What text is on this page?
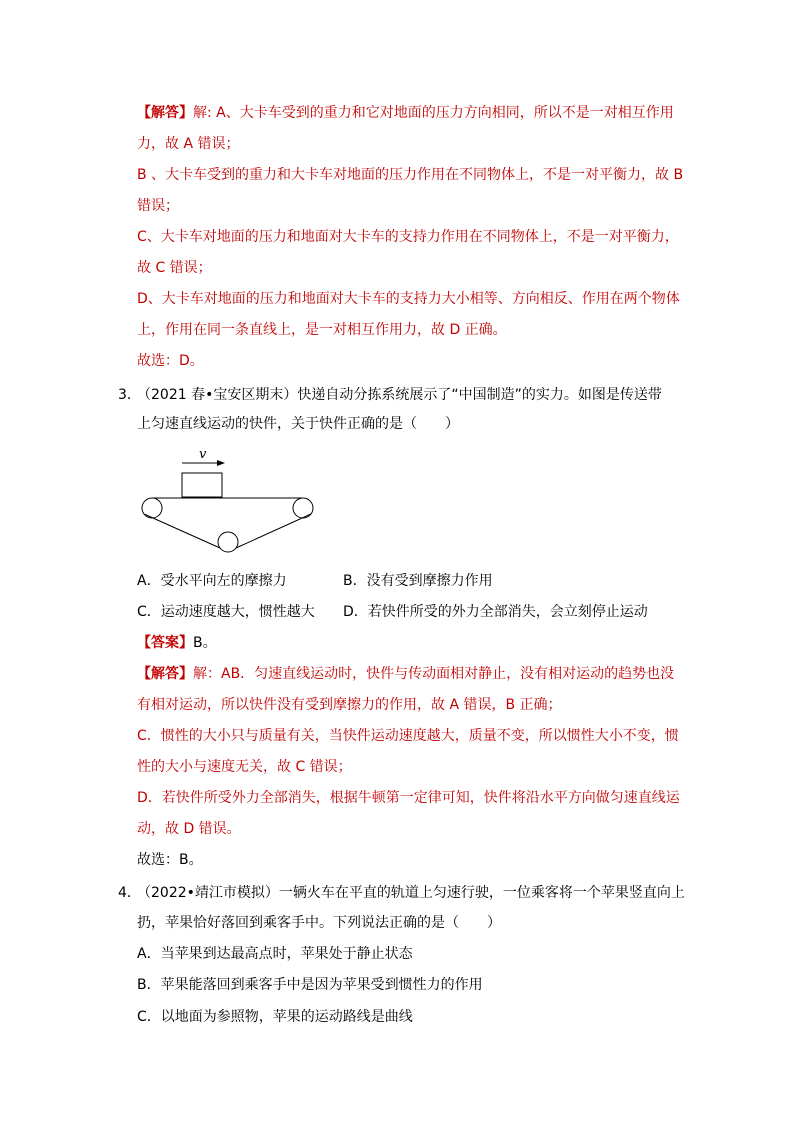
【解答】解: A、大卡车受到的重力和它对地面的压力方向相同，所以不是一对相互作用
力，故 A 错误；
B 、大卡车受到的重力和大卡车对地面的压力作用在不同物体上，不是一对平衡力，故 B
错误；
C、大卡车对地面的压力和地面对大卡车的支持力作用在不同物体上，不是一对平衡力，
故 C 错误；
D、大卡车对地面的压力和地面对大卡车的支持力大小相等、方向相反、作用在两个物体
上，作用在同一条直线上，是一对相互作用力，故 D 正确。
故选：D。
3．
（2021 春•宝安区期末）快递自动分拣系统展示了“中国制造”的实力。如图是传送带
上匀速直线运动的快件，关于快件正确的是（　　）
v
A．受水平向左的摩擦力	B．没有受到摩擦力作用
C．运动速度越大，惯性越大 D．若快件所受的外力全部消失，会立刻停止运动
【答案】B。
【解答】解：AB．匀速直线运动时，快件与传动面相对静止，没有相对运动的趋势也没
有相对运动，所以快件没有受到摩擦力的作用，故 A 错误，B 正确；
C．惯性的大小只与质量有关，当快件运动速度越大，质量不变，所以惯性大小不变，惯
性的大小与速度无关，故 C 错误；
D．若快件所受外力全部消失，根据牛顿第一定律可知，快件将沿水平方向做匀速直线运
动，故 D 错误。
故选：B。
4．
（2022•靖江市模拟）一辆火车在平直的轨道上匀速行驶，一位乘客将一个苹果竖直向上
扔，苹果恰好落回到乘客手中。下列说法正确的是（　　）
A．当苹果到达最高点时，苹果处于静止状态
B．苹果能落回到乘客手中是因为苹果受到惯性力的作用
C．以地面为参照物，苹果的运动路线是曲线
